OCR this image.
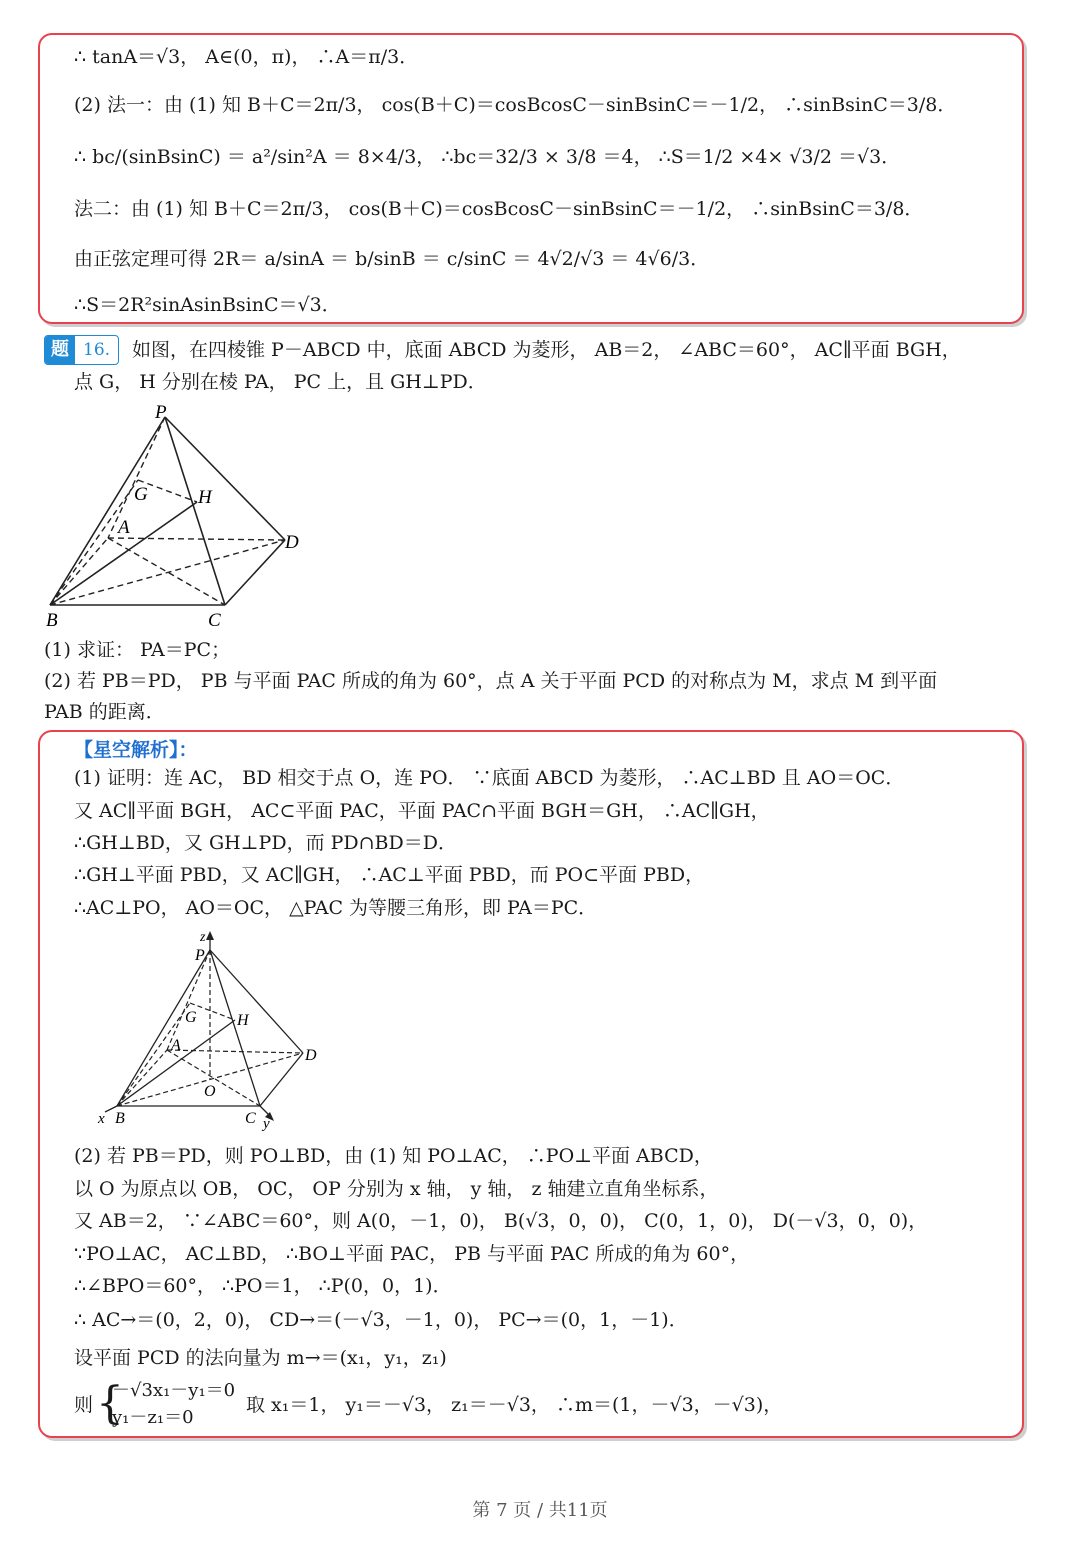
∴ tanA＝√3， A∈(0，π)， ∴A＝π/3．
(2) 法一：由 (1) 知 B＋C＝2π/3， cos(B＋C)＝cosBcosC－sinBsinC＝－1/2， ∴sinBsinC＝3/8．
∴ bc/(sinBsinC) ＝ a²/sin²A ＝ 8×4/3， ∴bc＝32/3 × 3/8 ＝4， ∴S＝1/2 ×4× √3/2 ＝√3．
法二：由 (1) 知 B＋C＝2π/3， cos(B＋C)＝cosBcosC－sinBsinC＝－1/2， ∴sinBsinC＝3/8．
由正弦定理可得 2R＝ a/sinA ＝ b/sinB ＝ c/sinC ＝ 4√2/√3 ＝ 4√6/3．
∴S＝2R²sinAsinBsinC＝√3．
题 16.	如图，在四棱锥 P－ABCD 中，底面 ABCD 为菱形， AB＝2， ∠ABC＝60°， AC∥平面 BGH，
点 G， H 分别在棱 PA， PC 上，且 GH⊥PD．
P
G	H
A
D
B	C
(1) 求证： PA＝PC；
(2) 若 PB＝PD， PB 与平面 PAC 所成的角为 60°，点 A 关于平面 PCD 的对称点为 M，求点 M 到平面
PAB 的距离．
【星空解析】：
(1) 证明：连 AC， BD 相交于点 O，连 PO． ∵底面 ABCD 为菱形， ∴AC⊥BD 且 AO＝OC．
又 AC∥平面 BGH， AC⊂平面 PAC，平面 PAC∩平面 BGH＝GH， ∴AC∥GH，
∴GH⊥BD，又 GH⊥PD，而 PD∩BD＝D．
∴GH⊥平面 PBD，又 AC∥GH， ∴AC⊥平面 PBD，而 PO⊂平面 PBD，
∴AC⊥PO， AO＝OC， △PAC 为等腰三角形，即 PA＝PC．
z
P
G	H
A
D
O
x B	C y
(2) 若 PB＝PD，则 PO⊥BD，由 (1) 知 PO⊥AC， ∴PO⊥平面 ABCD，
以 O 为原点以 OB， OC， OP 分别为 x 轴， y 轴， z 轴建立直角坐标系，
又 AB＝2， ∵∠ABC＝60°，则 A(0，－1，0)， B(√3，0，0)， C(0，1，0)， D(－√3，0，0)，
∵PO⊥AC， AC⊥BD， ∴BO⊥平面 PAC， PB 与平面 PAC 所成的角为 60°，
∴∠BPO＝60°， ∴PO＝1， ∴P(0，0，1)．
∴ AC→＝(0，2，0)， CD→＝(－√3，－1，0)， PC→＝(0，1，－1)．
设平面 PCD 的法向量为 m→＝(x₁，y₁，z₁)
则 {
－√3x₁－y₁＝0
y₁－z₁＝0
取 x₁＝1， y₁＝－√3， z₁＝－√3， ∴m＝(1，－√3，－√3)，
第 7 页 / 共11页
